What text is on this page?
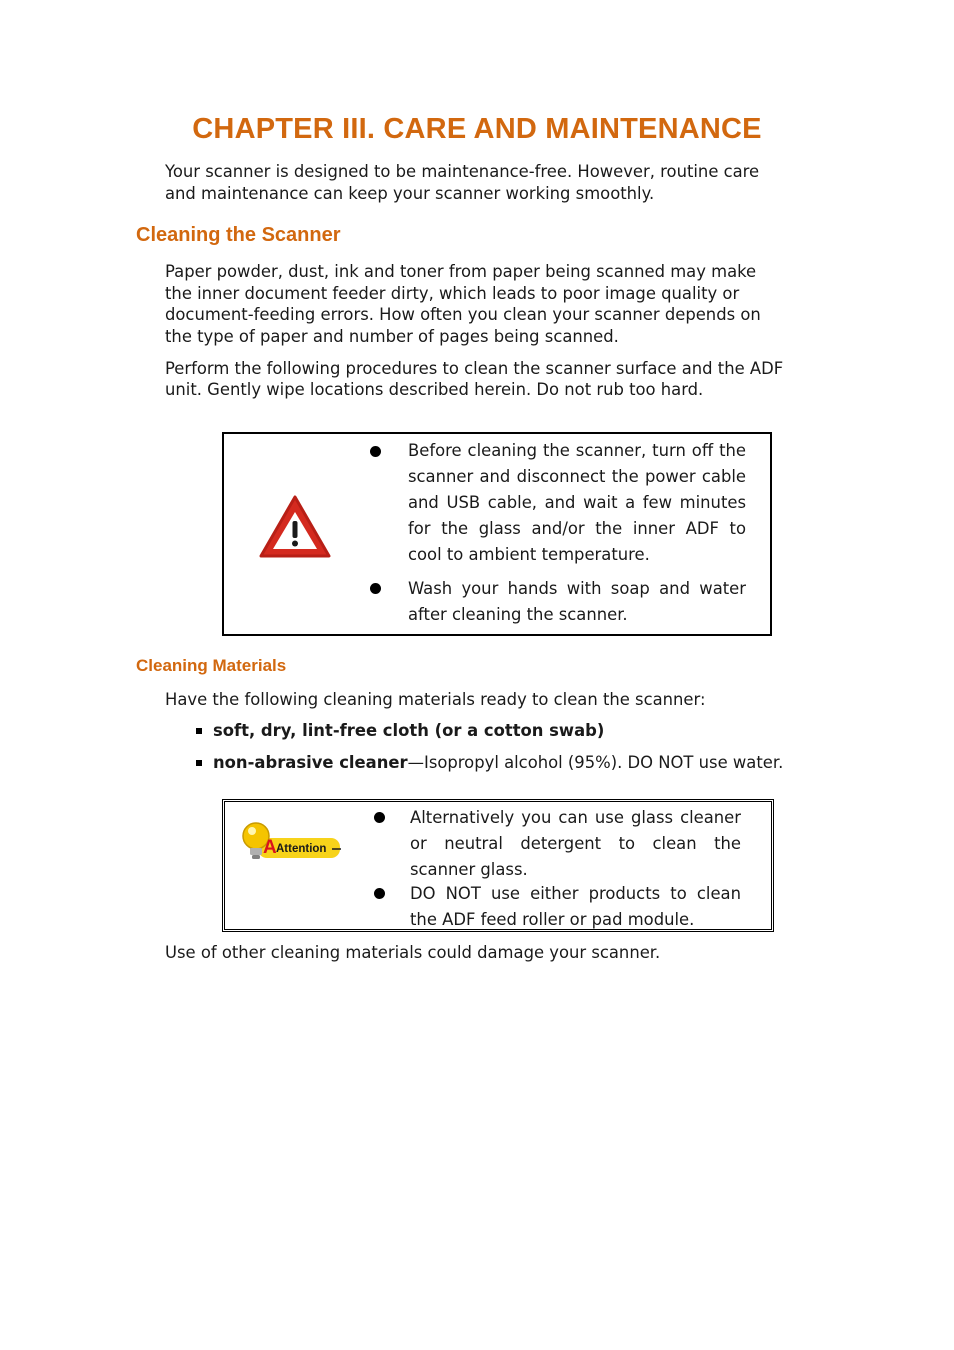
CHAPTER III. CARE AND MAINTENANCE

Your scanner is designed to be maintenance-free. However, routine care

and maintenance can keep your scanner working smoothly.

Cleaning the Scanner

Paper powder, dust, ink and toner from paper being scanned may make

the inner document feeder dirty, which leads to poor image quality or

document-feeding errors. How often you clean your scanner depends on

the type of paper and number of pages being scanned.

Perform the following procedures to clean the scanner surface and the ADF

unit. Gently wipe locations described herein. Do not rub too hard.

Before cleaning the scanner, turn off the scanner and disconnect the power cable and USB cable, and wait a few minutes for the glass and/or the inner ADF to cool to ambient temperature.

Wash your hands with soap and water after cleaning the scanner.

Cleaning Materials

Have the following cleaning materials ready to clean the scanner:

soft, dry, lint-free cloth (or a cotton swab)

non-abrasive cleaner—Isopropyl alcohol (95%). DO NOT use water.

A Attention

Alternatively you can use glass cleaner or neutral detergent to clean the scanner glass.

DO NOT use either products to clean the ADF feed roller or pad module.

Use of other cleaning materials could damage your scanner.
